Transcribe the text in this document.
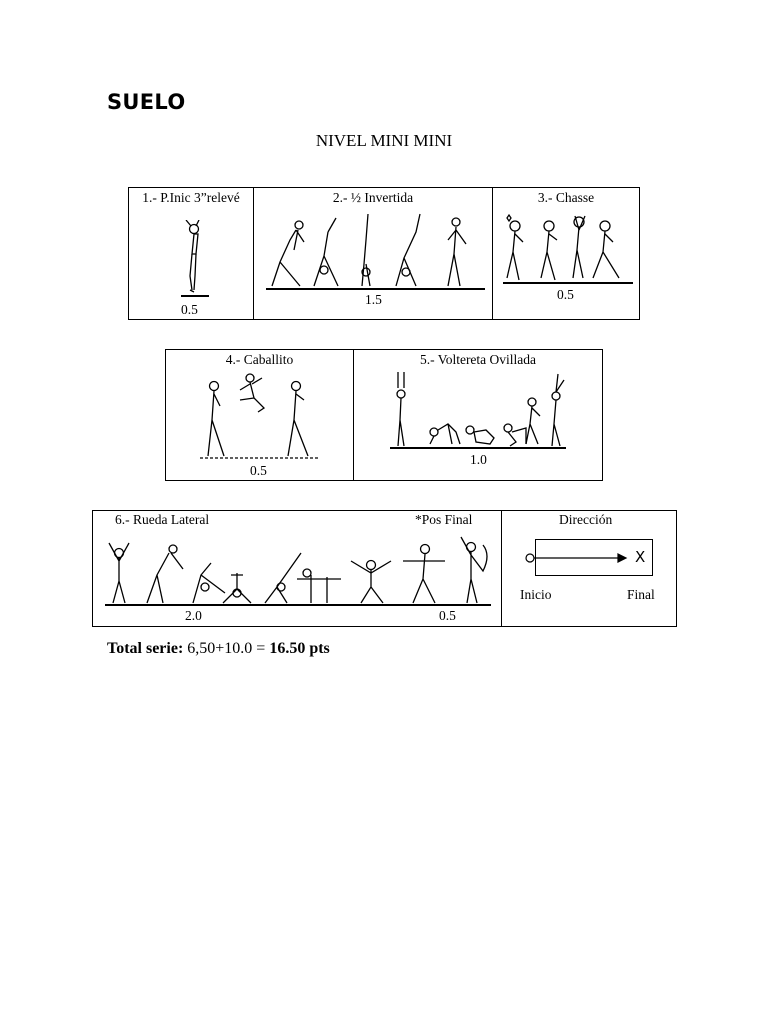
SUELO
NIVEL MINI MINI
1.- P.Inic 3”relevé
0.5
2.- ½ Invertida
1.5
3.- Chasse
0.5
4.- Caballito
0.5
5.- Voltereta Ovillada
1.0
6.- Rueda Lateral	*Pos Final
2.0	0.5
Dirección
X
Inicio	Final
Total serie: 6,50+10.0 = 16.50 pts
